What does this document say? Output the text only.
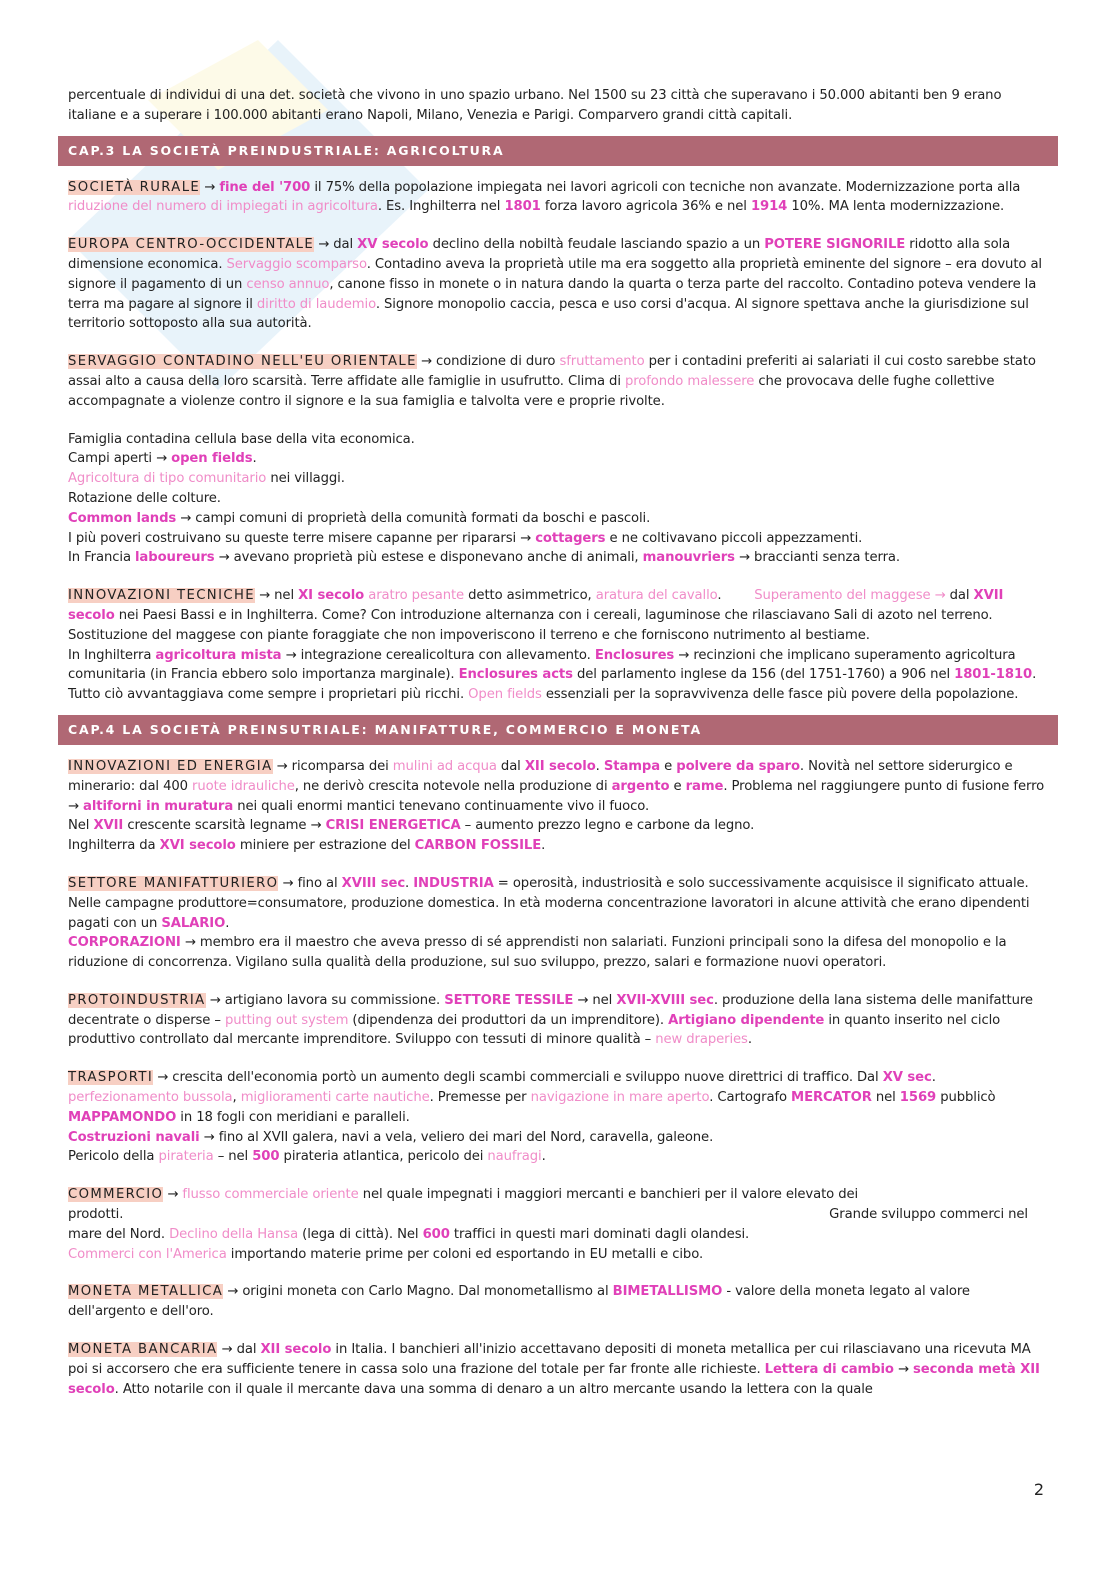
percentuale di individui di una det. società che vivono in uno spazio urbano. Nel 1500 su 23 città che superavano i 50.000 abitanti ben 9 erano italiane e a superare i 100.000 abitanti erano Napoli, Milano, Venezia e Parigi. Comparvero grandi città capitali.

CAP.3 LA SOCIETÀ PREINDUSTRIALE: AGRICOLTURA

SOCIETÀ RURALE → fine del '700 il 75% della popolazione impiegata nei lavori agricoli con tecniche non avanzate. Modernizzazione porta alla riduzione del numero di impiegati in agricoltura. Es. Inghilterra nel 1801 forza lavoro agricola 36% e nel 1914 10%. MA lenta modernizzazione.

EUROPA CENTRO-OCCIDENTALE → dal XV secolo declino della nobiltà feudale lasciando spazio a un POTERE SIGNORILE ridotto alla sola dimensione economica. Servaggio scomparso. Contadino aveva la proprietà utile ma era soggetto alla proprietà eminente del signore – era dovuto al signore il pagamento di un censo annuo, canone fisso in monete o in natura dando la quarta o terza parte del raccolto. Contadino poteva vendere la terra ma pagare al signore il diritto di laudemio. Signore monopolio caccia, pesca e uso corsi d'acqua. Al signore spettava anche la giurisdizione sul territorio sottoposto alla sua autorità.

SERVAGGIO CONTADINO NELL'EU ORIENTALE → condizione di duro sfruttamento per i contadini preferiti ai salariati il cui costo sarebbe stato assai alto a causa della loro scarsità. Terre affidate alle famiglie in usufrutto. Clima di profondo malessere che provocava delle fughe collettive accompagnate a violenze contro il signore e la sua famiglia e talvolta vere e proprie rivolte.

Famiglia contadina cellula base della vita economica.

Campi aperti → open fields.

Agricoltura di tipo comunitario nei villaggi.

Rotazione delle colture.

Common lands → campi comuni di proprietà della comunità formati da boschi e pascoli.

I più poveri costruivano su queste terre misere capanne per ripararsi → cottagers e ne coltivavano piccoli appezzamenti.

In Francia laboureurs → avevano proprietà più estese e disponevano anche di animali, manouvriers → braccianti senza terra.

INNOVAZIONI TECNICHE → nel XI secolo aratro pesante detto asimmetrico, aratura del cavallo.        Superamento del maggese → dal XVII secolo nei Paesi Bassi e in Inghilterra. Come? Con introduzione alternanza con i cereali, laguminose che rilasciavano Sali di azoto nel terreno. Sostituzione del maggese con piante foraggiate che non impoveriscono il terreno e che forniscono nutrimento al bestiame.

In Inghilterra agricoltura mista → integrazione cerealicoltura con allevamento. Enclosures → recinzioni che implicano superamento agricoltura comunitaria (in Francia ebbero solo importanza marginale). Enclosures acts del parlamento inglese da 156 (del 1751-1760) a 906 nel 1801-1810. Tutto ciò avvantaggiava come sempre i proprietari più ricchi. Open fields essenziali per la sopravvivenza delle fasce più povere della popolazione.

CAP.4 LA SOCIETÀ PREINSUTRIALE: MANIFATTURE, COMMERCIO E MONETA

INNOVAZIONI ED ENERGIA → ricomparsa dei mulini ad acqua dal XII secolo. Stampa e polvere da sparo. Novità nel settore siderurgico e minerario: dal 400 ruote idrauliche, ne derivò crescita notevole nella produzione di argento e rame. Problema nel raggiungere punto di fusione ferro → altiforni in muratura nei quali enormi mantici tenevano continuamente vivo il fuoco.

Nel XVII crescente scarsità legname → CRISI ENERGETICA – aumento prezzo legno e carbone da legno.

Inghilterra da XVI secolo miniere per estrazione del CARBON FOSSILE.

SETTORE MANIFATTURIERO → fino al XVIII sec. INDUSTRIA = operosità, industriosità e solo successivamente acquisisce il significato attuale. Nelle campagne produttore=consumatore, produzione domestica. In età moderna concentrazione lavoratori in alcune attività che erano dipendenti pagati con un SALARIO.

CORPORAZIONI → membro era il maestro che aveva presso di sé apprendisti non salariati. Funzioni principali sono la difesa del monopolio e la riduzione di concorrenza. Vigilano sulla qualità della produzione, sul suo sviluppo, prezzo, salari e formazione nuovi operatori.

PROTOINDUSTRIA → artigiano lavora su commissione. SETTORE TESSILE → nel XVII-XVIII sec. produzione della lana sistema delle manifatture decentrate o disperse – putting out system (dipendenza dei produttori da un imprenditore). Artigiano dipendente in quanto inserito nel ciclo produttivo controllato dal mercante imprenditore. Sviluppo con tessuti di minore qualità – new draperies.

TRASPORTI → crescita dell'economia portò un aumento degli scambi commerciali e sviluppo nuove direttrici di traffico. Dal XV sec. perfezionamento bussola, miglioramenti carte nautiche. Premesse per navigazione in mare aperto. Cartografo MERCATOR nel 1569 pubblicò MAPPAMONDO in 18 fogli con meridiani e paralleli.

Costruzioni navali → fino al XVII galera, navi a vela, veliero dei mari del Nord, caravella, galeone.

Pericolo della pirateria – nel 500 pirateria atlantica, pericolo dei naufragi.

COMMERCIO → flusso commerciale oriente nel quale impegnati i maggiori mercanti e banchieri per il valore elevato dei

prodotti.	Grande sviluppo commerci nel

mare del Nord. Declino della Hansa (lega di città). Nel 600 traffici in questi mari dominati dagli olandesi.

Commerci con l'America importando materie prime per coloni ed esportando in EU metalli e cibo.

MONETA METALLICA → origini moneta con Carlo Magno. Dal monometallismo al BIMETALLISMO - valore della moneta legato al valore dell'argento e dell'oro.

MONETA BANCARIA → dal XII secolo in Italia. I banchieri all'inizio accettavano depositi di moneta metallica per cui rilasciavano una ricevuta MA poi si accorsero che era sufficiente tenere in cassa solo una frazione del totale per far fronte alle richieste. Lettera di cambio → seconda metà XII secolo. Atto notarile con il quale il mercante dava una somma di denaro a un altro mercante usando la lettera con la quale

2
